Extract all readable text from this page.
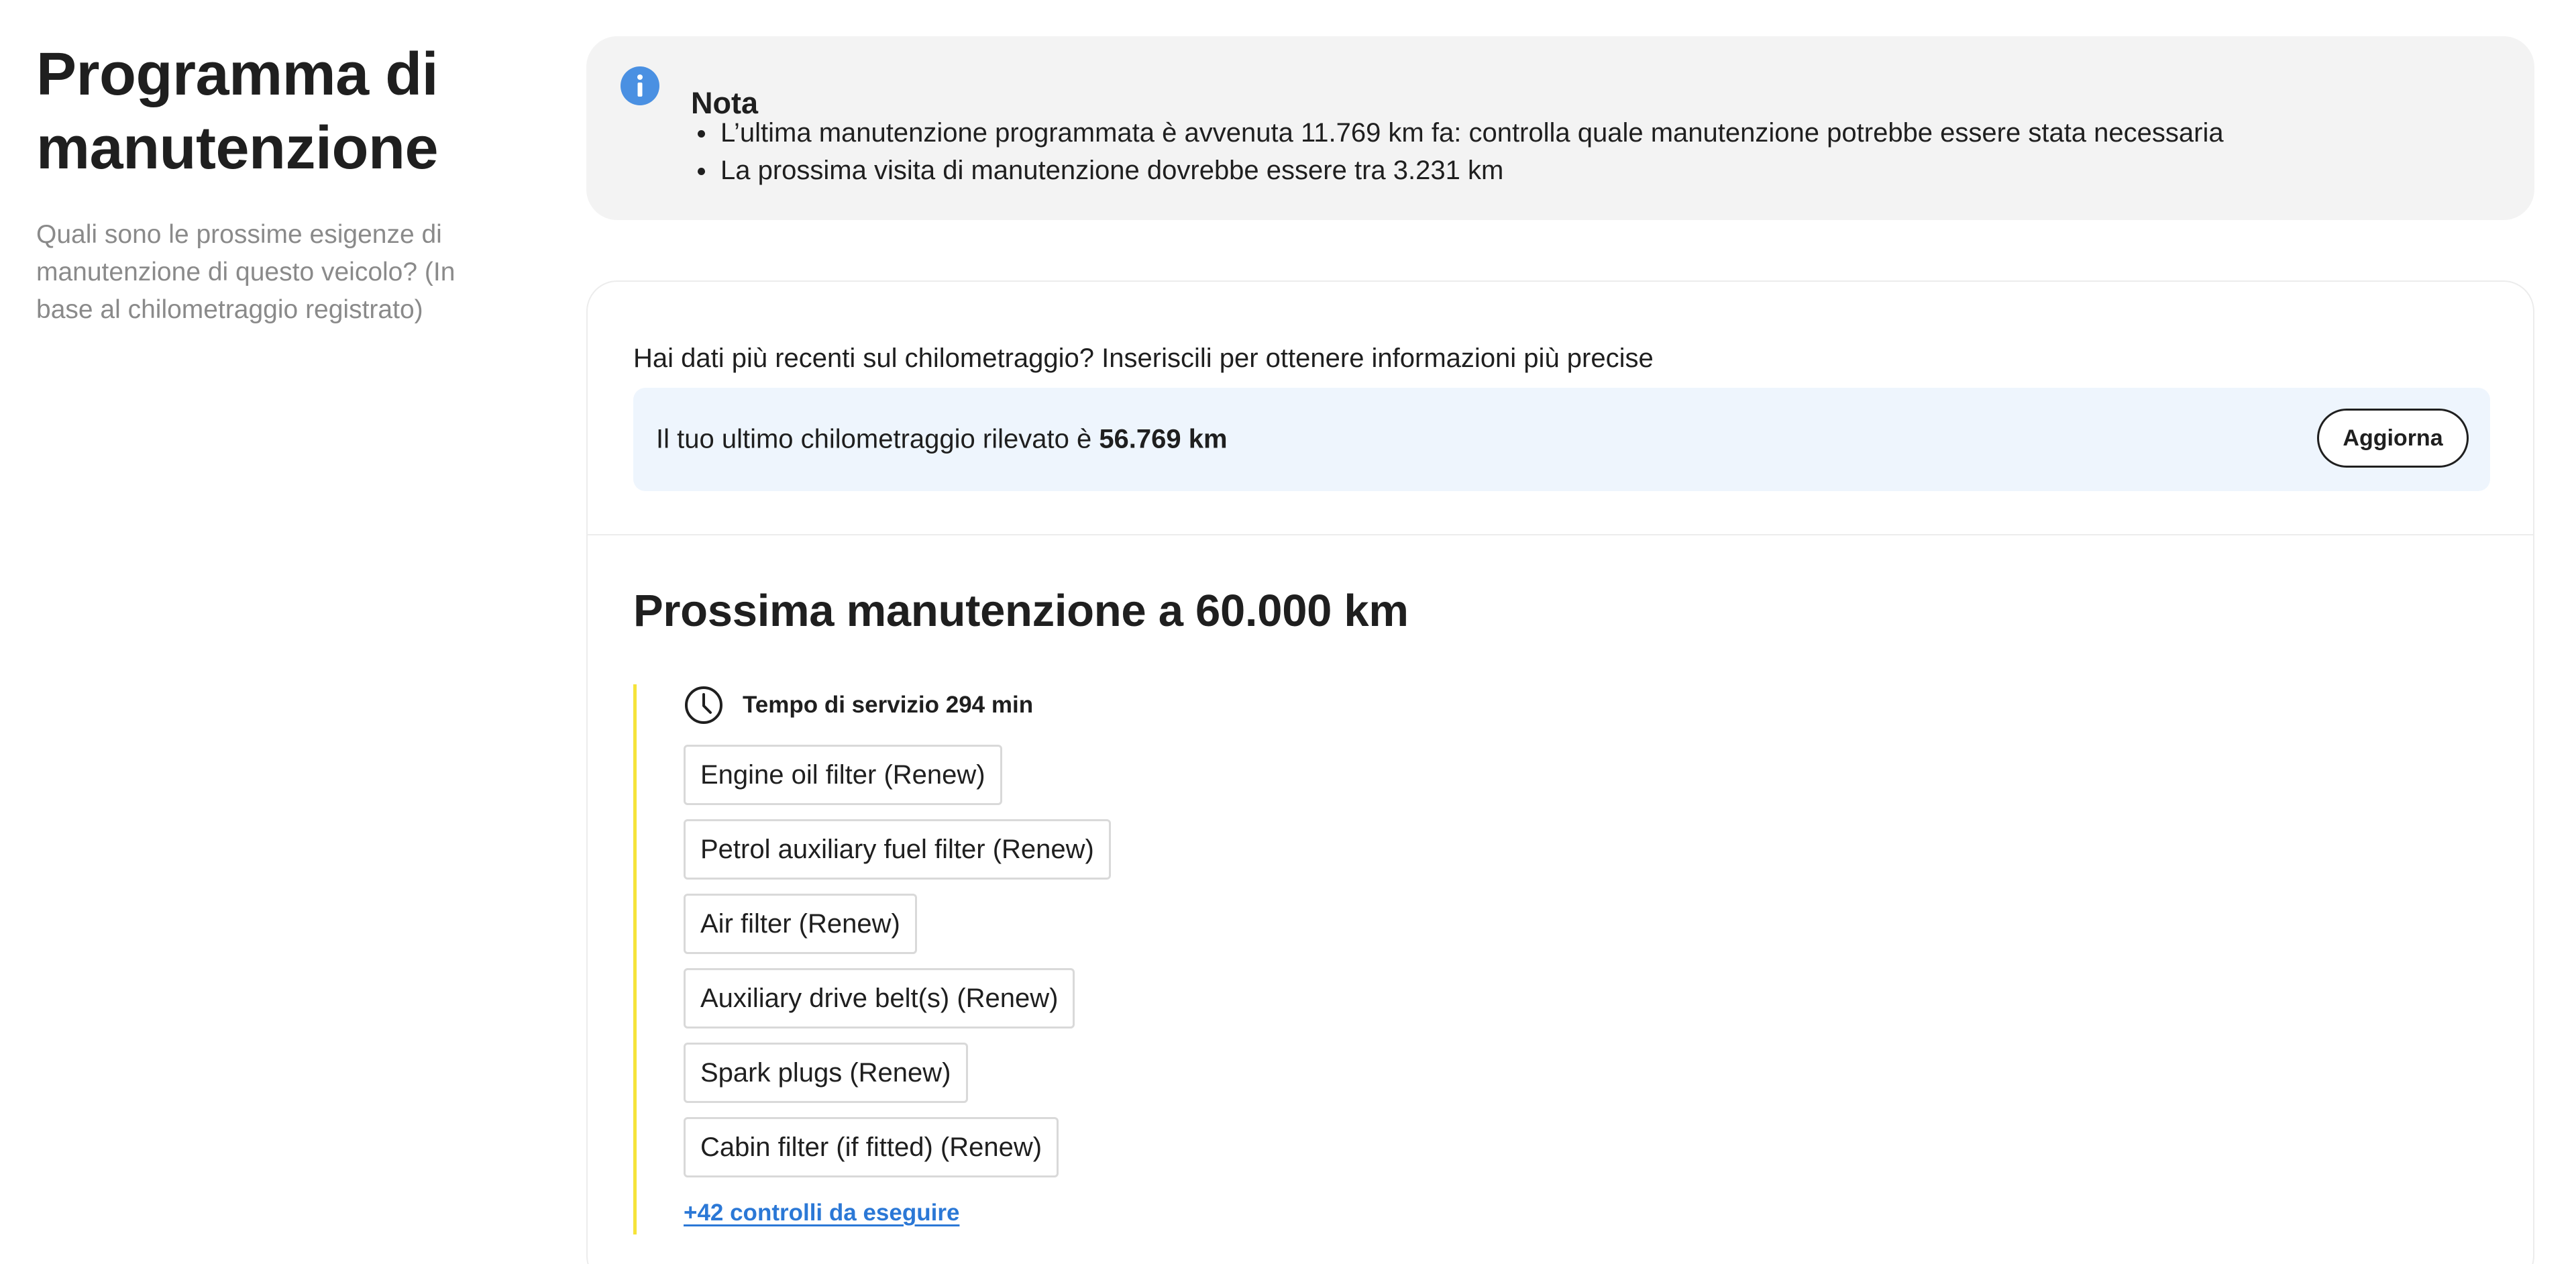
Programma di manutenzione

Quali sono le prossime esigenze di manutenzione di questo veicolo? (In base al chilometraggio registrato)

Nota
L’ultima manutenzione programmata è avvenuta 11.769 km fa: controlla quale manutenzione potrebbe essere stata necessaria
La prossima visita di manutenzione dovrebbe essere tra 3.231 km

Hai dati più recenti sul chilometraggio? Inseriscili per ottenere informazioni più precise

Il tuo ultimo chilometraggio rilevato è 56.769 km	Aggiorna
Prossima manutenzione a 60.000 km
Tempo di servizio 294 min
Engine oil filter (Renew)
Petrol auxiliary fuel filter (Renew)
Air filter (Renew)
Auxiliary drive belt(s) (Renew)
Spark plugs (Renew)
Cabin filter (if fitted) (Renew)
+42 controlli da eseguire
